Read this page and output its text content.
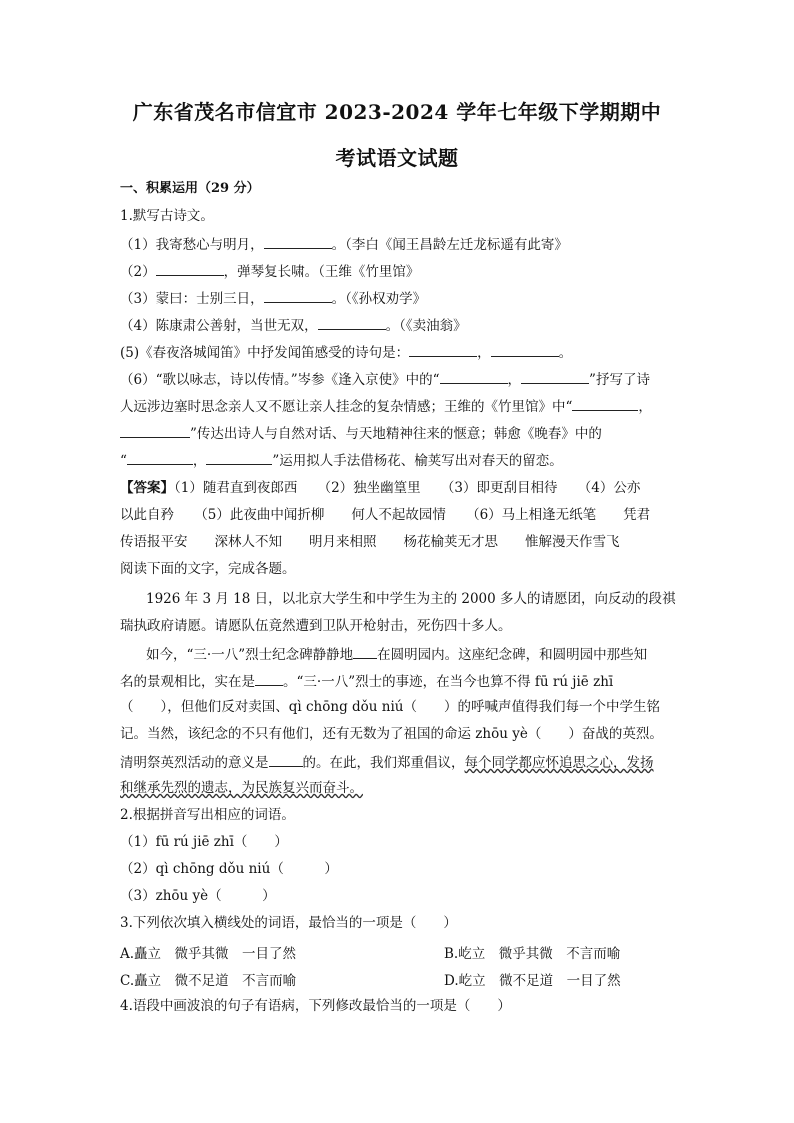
广东省茂名市信宜市 2023-2024 学年七年级下学期期中
考试语文试题
一、积累运用（29 分）
1.默写古诗文。
（1）我寄愁心与明月，	。（李白《闻王昌龄左迁龙标遥有此寄》
（2）	，弹琴复长啸。（王维《竹里馆》
（3）蒙曰：士别三日，	。（《孙权劝学》
（4）陈康肃公善射，当世无双，	。（《卖油翁》
(5)《春夜洛城闻笛》中抒发闻笛感受的诗句是：	，	。
（6）“歌以咏志，诗以传情。”岑参《逢入京使》中的“	，	”抒写了诗
人远涉边塞时思念亲人又不愿让亲人挂念的复杂情感；王维的《竹里馆》中“	，
”传达出诗人与自然对话、与天地精神往来的惬意；韩愈《晚春》中的
“	，	”运用拟人手法借杨花、榆荚写出对春天的留恋。
【答案】（1）随君直到夜郎西　　（2）独坐幽篁里　　（3）即更刮目相待　　（4）公亦
以此自矜　　（5）此夜曲中闻折柳　　何人不起故园情　　（6）马上相逢无纸笔　　凭君
传语报平安　　深林人不知　　明月来相照　　杨花榆荚无才思　　惟解漫天作雪飞
阅读下面的文字，完成各题。
1926 年 3 月 18 日，以北京大学生和中学生为主的 2000 多人的请愿团，向反动的段祺
瑞执政府请愿。请愿队伍竟然遭到卫队开枪射击，死伤四十多人。
如今，“三·一八”烈士纪念碑静静地 在圆明园内。这座纪念碑，和圆明园中那些知
名的景观相比，实在是 。“三·一八”烈士的事迹，在当今也算不得 fū rú jiē zhī
（　　），但他们反对卖国、qì chōng dǒu niú（　　）的呼喊声值得我们每一个中学生铭
记。当然，该纪念的不只有他们，还有无数为了祖国的命运 zhōu yè（　　）奋战的英烈。
清明祭英烈活动的意义是	的。在此，我们郑重倡议，每个同学都应怀追思之心，发扬
和继承先烈的遗志，为民族复兴而奋斗。
2.根据拼音写出相应的词语。
（1）fū rú jiē zhī（　　）
（2）qì chōng dǒu niú（　　　）
（3）zhōu yè（　　　）
3.下列依次填入横线处的词语，最恰当的一项是（　　）
A.矗立　微乎其微　一目了然	B.屹立　微乎其微　不言而喻
C.矗立　微不足道　不言而喻	D.屹立　微不足道　一目了然
4.语段中画波浪的句子有语病，下列修改最恰当的一项是（　　）
